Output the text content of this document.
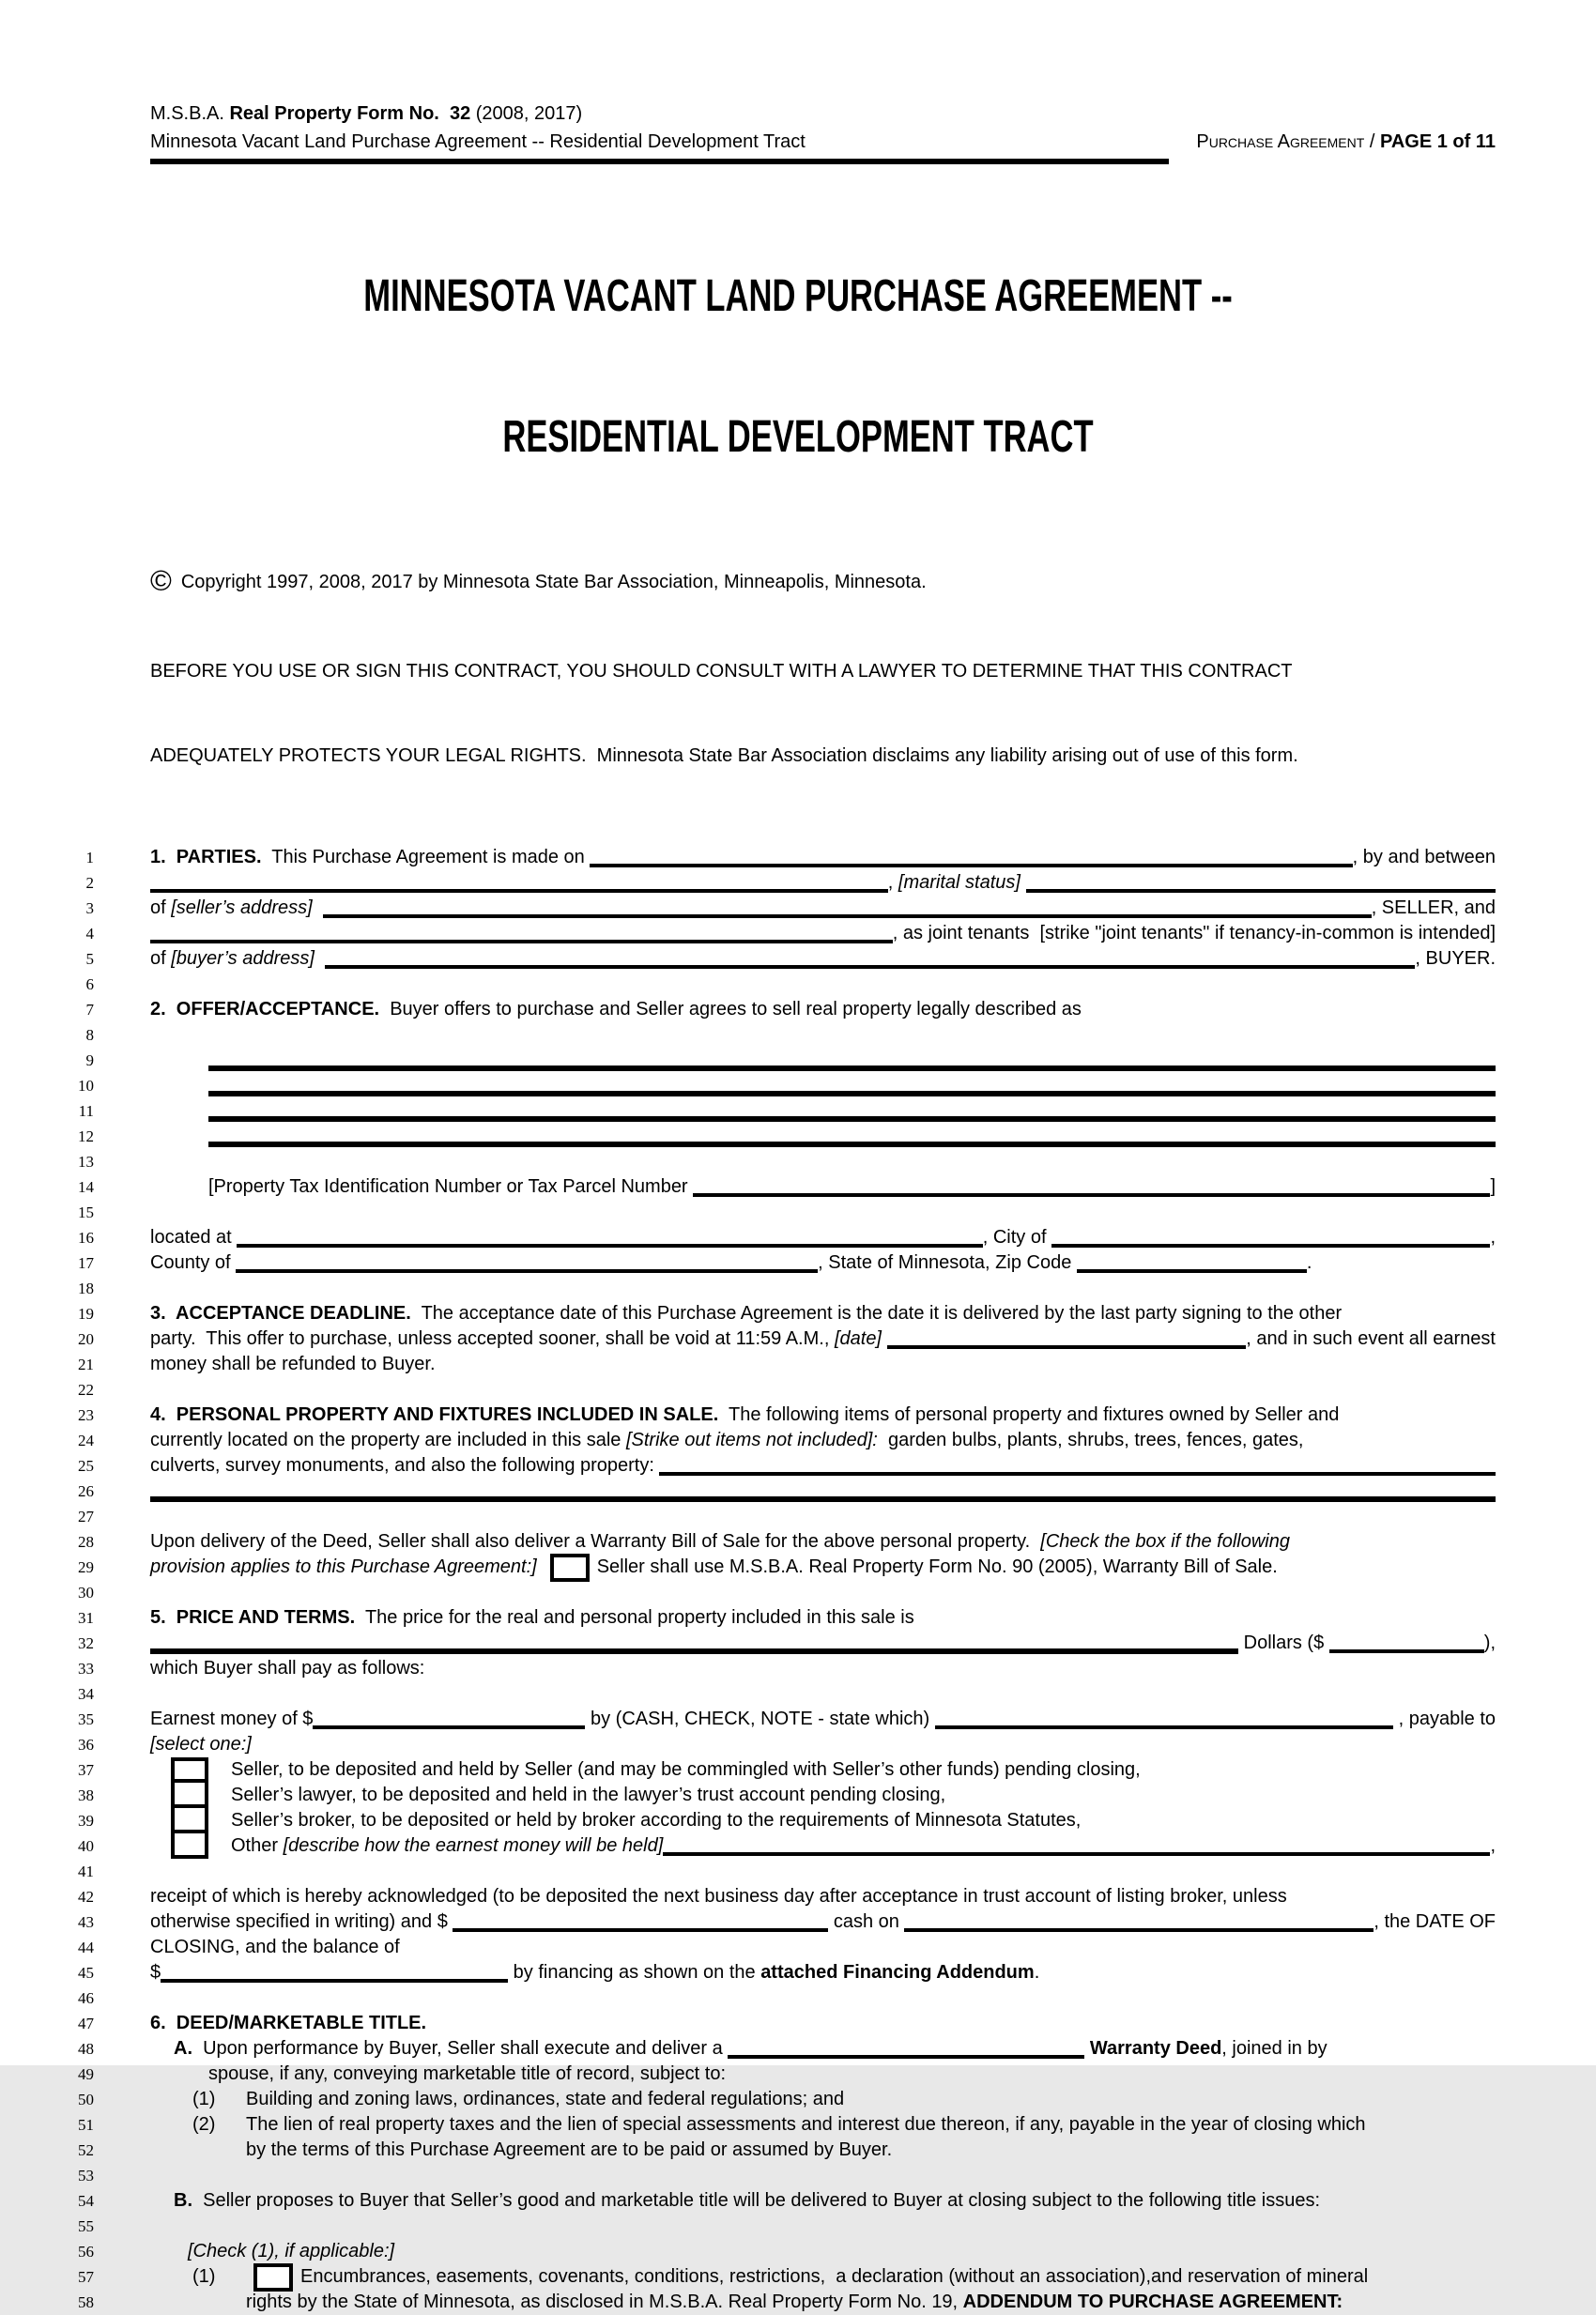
M.S.B.A. Real Property Form No.  32 (2008, 2017)
Minnesota Vacant Land Purchase Agreement -- Residential Development Tract	Purchase Agreement / PAGE 1 of 11

MINNESOTA VACANT LAND PURCHASE AGREEMENT --

RESIDENTIAL DEVELOPMENT TRACT

© Copyright 1997, 2008, 2017 by Minnesota State Bar Association, Minneapolis, Minnesota.

BEFORE YOU USE OR SIGN THIS CONTRACT, YOU SHOULD CONSULT WITH A LAWYER TO DETERMINE THAT THIS CONTRACT

ADEQUATELY PROTECTS YOUR LEGAL RIGHTS.  Minnesota State Bar Association disclaims any liability arising out of use of this form.

1	1.  PARTIES. This Purchase Agreement is made on	, by and between
2	, [marital status]

3	of [seller’s address]
	, SELLER, and
4	, as joint tenants  [strike "joint tenants" if tenancy-in-common is intended]
5	of [buyer’s address]
	, BUYER.
6
7	2.  OFFER/ACCEPTANCE. Buyer offers to purchase and Seller agrees to sell real property legally described as
8
9
10
11
12
13
14	[Property Tax Identification Number or Tax Parcel Number	]
15
16	located at	, City of	,
17	County of	, State of Minnesota, Zip Code	.
18
19	3.  ACCEPTANCE DEADLINE. The acceptance date of this Purchase Agreement is the date it is delivered by the last party signing to the other
20	party.  This offer to purchase, unless accepted sooner, shall be void at 11:59 A.M., [date]
	, and in such event all earnest
21	money shall be refunded to Buyer.
22
23	4.  PERSONAL PROPERTY AND FIXTURES INCLUDED IN SALE. The following items of personal property and fixtures owned by Seller and
24	currently located on the property are included in this sale [Strike out items not included]: garden bulbs, plants, shrubs, trees, fences, gates,
25	culverts, survey monuments, and also the following property:
26
27
28	Upon delivery of the Deed, Seller shall also deliver a Warranty Bill of Sale for the above personal property. [Check the box if the following
29	provision applies to this Purchase Agreement:]	Seller shall use M.S.B.A. Real Property Form No. 90 (2005), Warranty Bill of Sale.
30
31	5.  PRICE AND TERMS. The price for the real and personal property included in this sale is
32	Dollars ($	),
33	which Buyer shall pay as follows:
34
35	Earnest money of $	by (CASH, CHECK, NOTE - state which)	, payable to
36	[select one:]
37	Seller, to be deposited and held by Seller (and may be commingled with Seller’s other funds) pending closing,
38	Seller’s lawyer, to be deposited and held in the lawyer’s trust account pending closing,
39	Seller’s broker, to be deposited or held by broker according to the requirements of Minnesota Statutes,
40	Other [describe how the earnest money will be held]	,
41
42	receipt of which is hereby acknowledged (to be deposited the next business day after acceptance in trust account of listing broker, unless
43	otherwise specified in writing) and $	cash on	, the DATE OF
44	CLOSING, and the balance of
45	$	by financing as shown on the attached Financing Addendum .
46
47	6.  DEED/MARKETABLE TITLE.
48	A. Upon performance by Buyer, Seller shall execute and deliver a
	Warranty Deed , joined in by
49	spouse, if any, conveying marketable title of record, subject to:
50	(1)	Building and zoning laws, ordinances, state and federal regulations; and
51	(2)	The lien of real property taxes and the lien of special assessments and interest due thereon, if any, payable in the year of closing which
52	by the terms of this Purchase Agreement are to be paid or assumed by Buyer.
53
54	B. Seller proposes to Buyer that Seller’s good and marketable title will be delivered to Buyer at closing subject to the following title issues:
55
56	[Check (1), if applicable:]
57	(1)	Encumbrances, easements, covenants, conditions, restrictions,  a declaration (without an association),and reservation of mineral
58	rights by the State of Minnesota, as disclosed in M.S.B.A. Real Property Form No. 19, ADDENDUM TO PURCHASE AGREEMENT:
